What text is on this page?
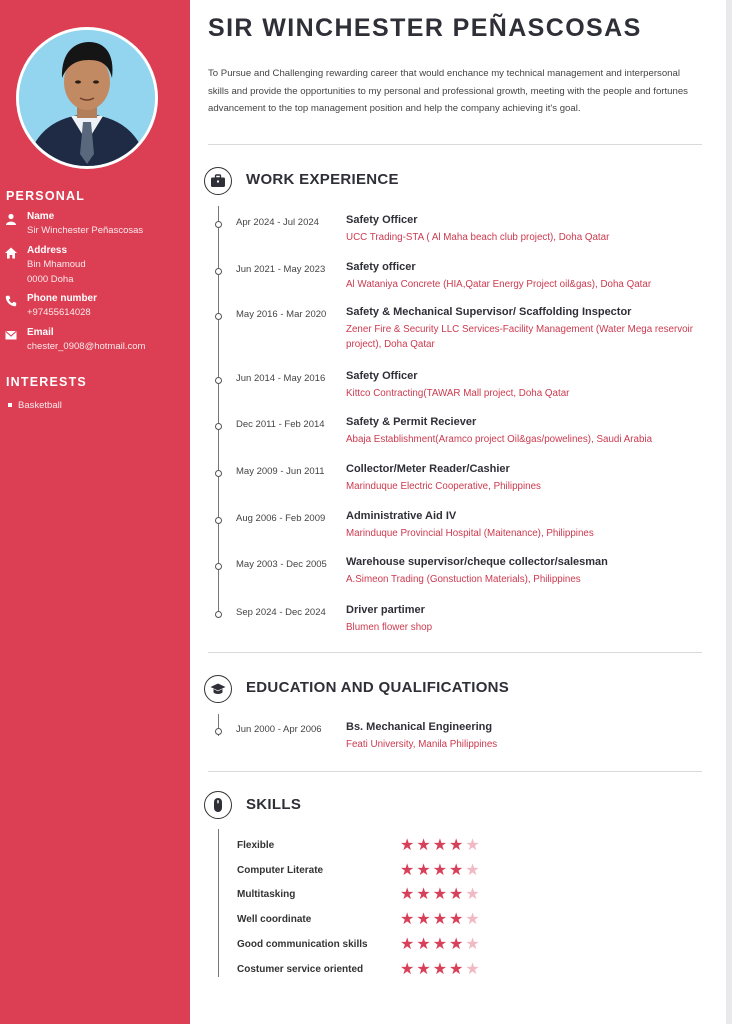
PERSONAL
Name
Sir Winchester Peñascosas
Address
Bin Mhamoud
0000 Doha
Phone number
+97455614028
Email
chester_0908@hotmail.com
INTERESTS
Basketball
SIR WINCHESTER PEÑASCOSAS
To Pursue and Challenging rewarding career that would enchance my technical management and interpersonal skills and provide the opportunities to my personal and professional growth, meeting with the people and fortunes advancement to the top management position and help the company achieving it's goal.
WORK EXPERIENCE
Apr 2024 - Jul 2024 Safety Officer
UCC Trading-STA ( Al Maha beach club project), Doha Qatar
Jun 2021 - May 2023 Safety officer
Al Wataniya Concrete (HIA,Qatar Energy Project oil&gas), Doha Qatar
May 2016 - Mar 2020 Safety & Mechanical Supervisor/ Scaffolding Inspector
Zener Fire & Security LLC Services-Facility Management (Water Mega reservoir project), Doha Qatar
Jun 2014 - May 2016 Safety Officer
Kittco Contracting(TAWAR Mall project, Doha Qatar
Dec 2011 - Feb 2014 Safety & Permit Reciever
Abaja Establishment(Aramco project Oil&gas/powelines), Saudi Arabia
May 2009 - Jun 2011 Collector/Meter Reader/Cashier
Marinduque Electric Cooperative, Philippines
Aug 2006 - Feb 2009 Administrative Aid IV
Marinduque Provincial Hospital (Maitenance), Philippines
May 2003 - Dec 2005 Warehouse supervisor/cheque collector/salesman
A.Simeon Trading (Gonstuction Materials), Philippines
Sep 2024 - Dec 2024 Driver partimer
Blumen flower shop
EDUCATION AND QUALIFICATIONS
Jun 2000 - Apr 2006 Bs. Mechanical Engineering
Feati University, Manila Philippines
SKILLS
Flexible	★ ★ ★ ★ ★
Computer Literate	★ ★ ★ ★ ★
Multitasking	★ ★ ★ ★ ★
Well coordinate	★ ★ ★ ★ ★
Good communication skills ★ ★ ★ ★ ★
Costumer service oriented ★ ★ ★ ★ ★
